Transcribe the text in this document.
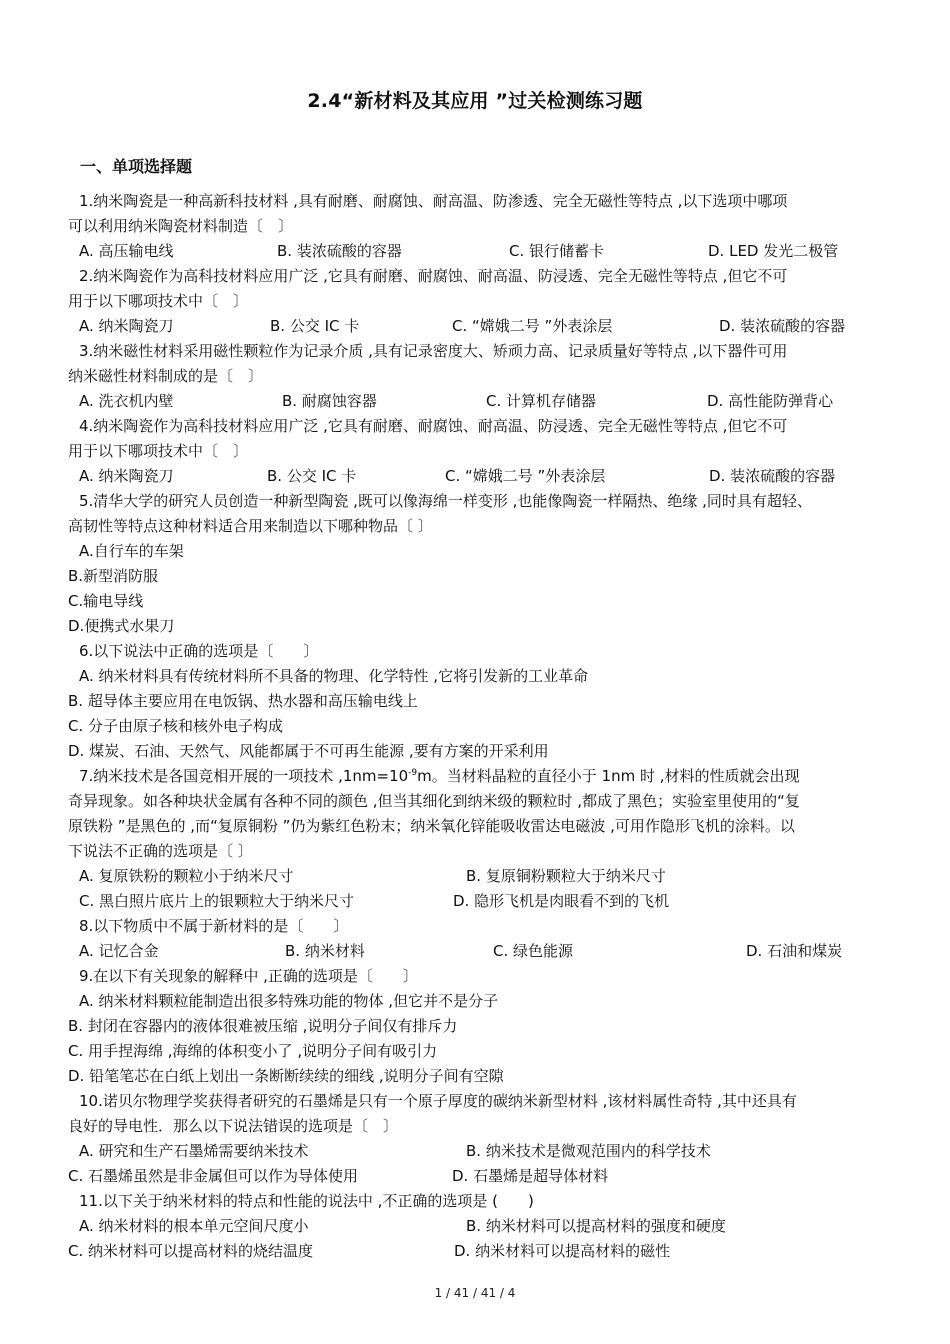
2.4“新材料及其应用 ”过关检测练习题
一、单项选择题
1.纳米陶瓷是一种高新科技材料 ,具有耐磨、耐腐蚀、耐高温、防渗透、完全无磁性等特点 ,以下选项中哪项
可以利用纳米陶瓷材料制造〔　〕
A. 高压输电线	B. 装浓硫酸的容器	C. 银行储蓄卡	D. LED 发光二极管
2.纳米陶瓷作为高科技材料应用广泛 ,它具有耐磨、耐腐蚀、耐高温、防浸透、完全无磁性等特点 ,但它不可
用于以下哪项技术中〔　〕
A. 纳米陶瓷刀	B. 公交 IC 卡	C. “嫦娥二号 ”外表涂层	D. 装浓硫酸的容器
3.纳米磁性材料采用磁性颗粒作为记录介质 ,具有记录密度大、矫顽力高、记录质量好等特点 ,以下器件可用
纳米磁性材料制成的是〔　〕
A. 洗衣机内壁	B. 耐腐蚀容器	C. 计算机存储器	D. 高性能防弹背心
4.纳米陶瓷作为高科技材料应用广泛 ,它具有耐磨、耐腐蚀、耐高温、防浸透、完全无磁性等特点 ,但它不可
用于以下哪项技术中〔　〕
A. 纳米陶瓷刀	B. 公交 IC 卡	C. “嫦娥二号 ”外表涂层	D. 装浓硫酸的容器
5.清华大学的研究人员创造一种新型陶瓷 ,既可以像海绵一样变形 ,也能像陶瓷一样隔热、绝缘 ,同时具有超轻、
高韧性等特点这种材料适合用来制造以下哪种物品〔 〕
A.自行车的车架
B.新型消防服
C.输电导线
D.便携式水果刀
6.以下说法中正确的选项是〔　　〕
A. 纳米材料具有传统材料所不具备的物理、化学特性 ,它将引发新的工业革命
B. 超导体主要应用在电饭锅、热水器和高压输电线上
C. 分子由原子核和核外电子构成
D. 煤炭、石油、天然气、风能都属于不可再生能源 ,要有方案的开采利用
7.纳米技术是各国竞相开展的一项技术 $,1nm=10^{-9}m$。当材料晶粒的直径小于 1nm 时 ,材料的性质就会出现
奇异现象。如各种块状金属有各种不同的颜色 ,但当其细化到纳米级的颗粒时 ,都成了黑色；实验室里使用的“复
原铁粉 ”是黑色的 ,而“复原铜粉 ”仍为紫红色粉末；纳米氧化锌能吸收雷达电磁波 ,可用作隐形飞机的涂料。以
下说法不正确的选项是〔 〕
A. 复原铁粉的颗粒小于纳米尺寸	B. 复原铜粉颗粒大于纳米尺寸
C. 黑白照片底片上的银颗粒大于纳米尺寸	D. 隐形飞机是肉眼看不到的飞机
8.以下物质中不属于新材料的是〔　　〕
A. 记忆合金	B. 纳米材料	C. 绿色能源	D. 石油和煤炭
9.在以下有关现象的解释中 ,正确的选项是〔　　〕
A. 纳米材料颗粒能制造出很多特殊功能的物体 ,但它并不是分子
B. 封闭在容器内的液体很难被压缩 ,说明分子间仅有排斥力
C. 用手捏海绵 ,海绵的体积变小了 ,说明分子间有吸引力
D. 铅笔笔芯在白纸上划出一条断断续续的细线 ,说明分子间有空隙
10.诺贝尔物理学奖获得者研究的石墨烯是只有一个原子厚度的碳纳米新型材料 ,该材料属性奇特 ,其中还具有
良好的导电性．那么以下说法错误的选项是〔　〕
A. 研究和生产石墨烯需要纳米技术	B. 纳米技术是微观范围内的科学技术
C. 石墨烯虽然是非金属但可以作为导体使用	D. 石墨烯是超导体材料
11.以下关于纳米材料的特点和性能的说法中 ,不正确的选项是 (　　)
A. 纳米材料的根本单元空间尺度小	B. 纳米材料可以提高材料的强度和硬度
C. 纳米材料可以提高材料的烧结温度	D. 纳米材料可以提高材料的磁性
1 / 41 / 41 / 4
